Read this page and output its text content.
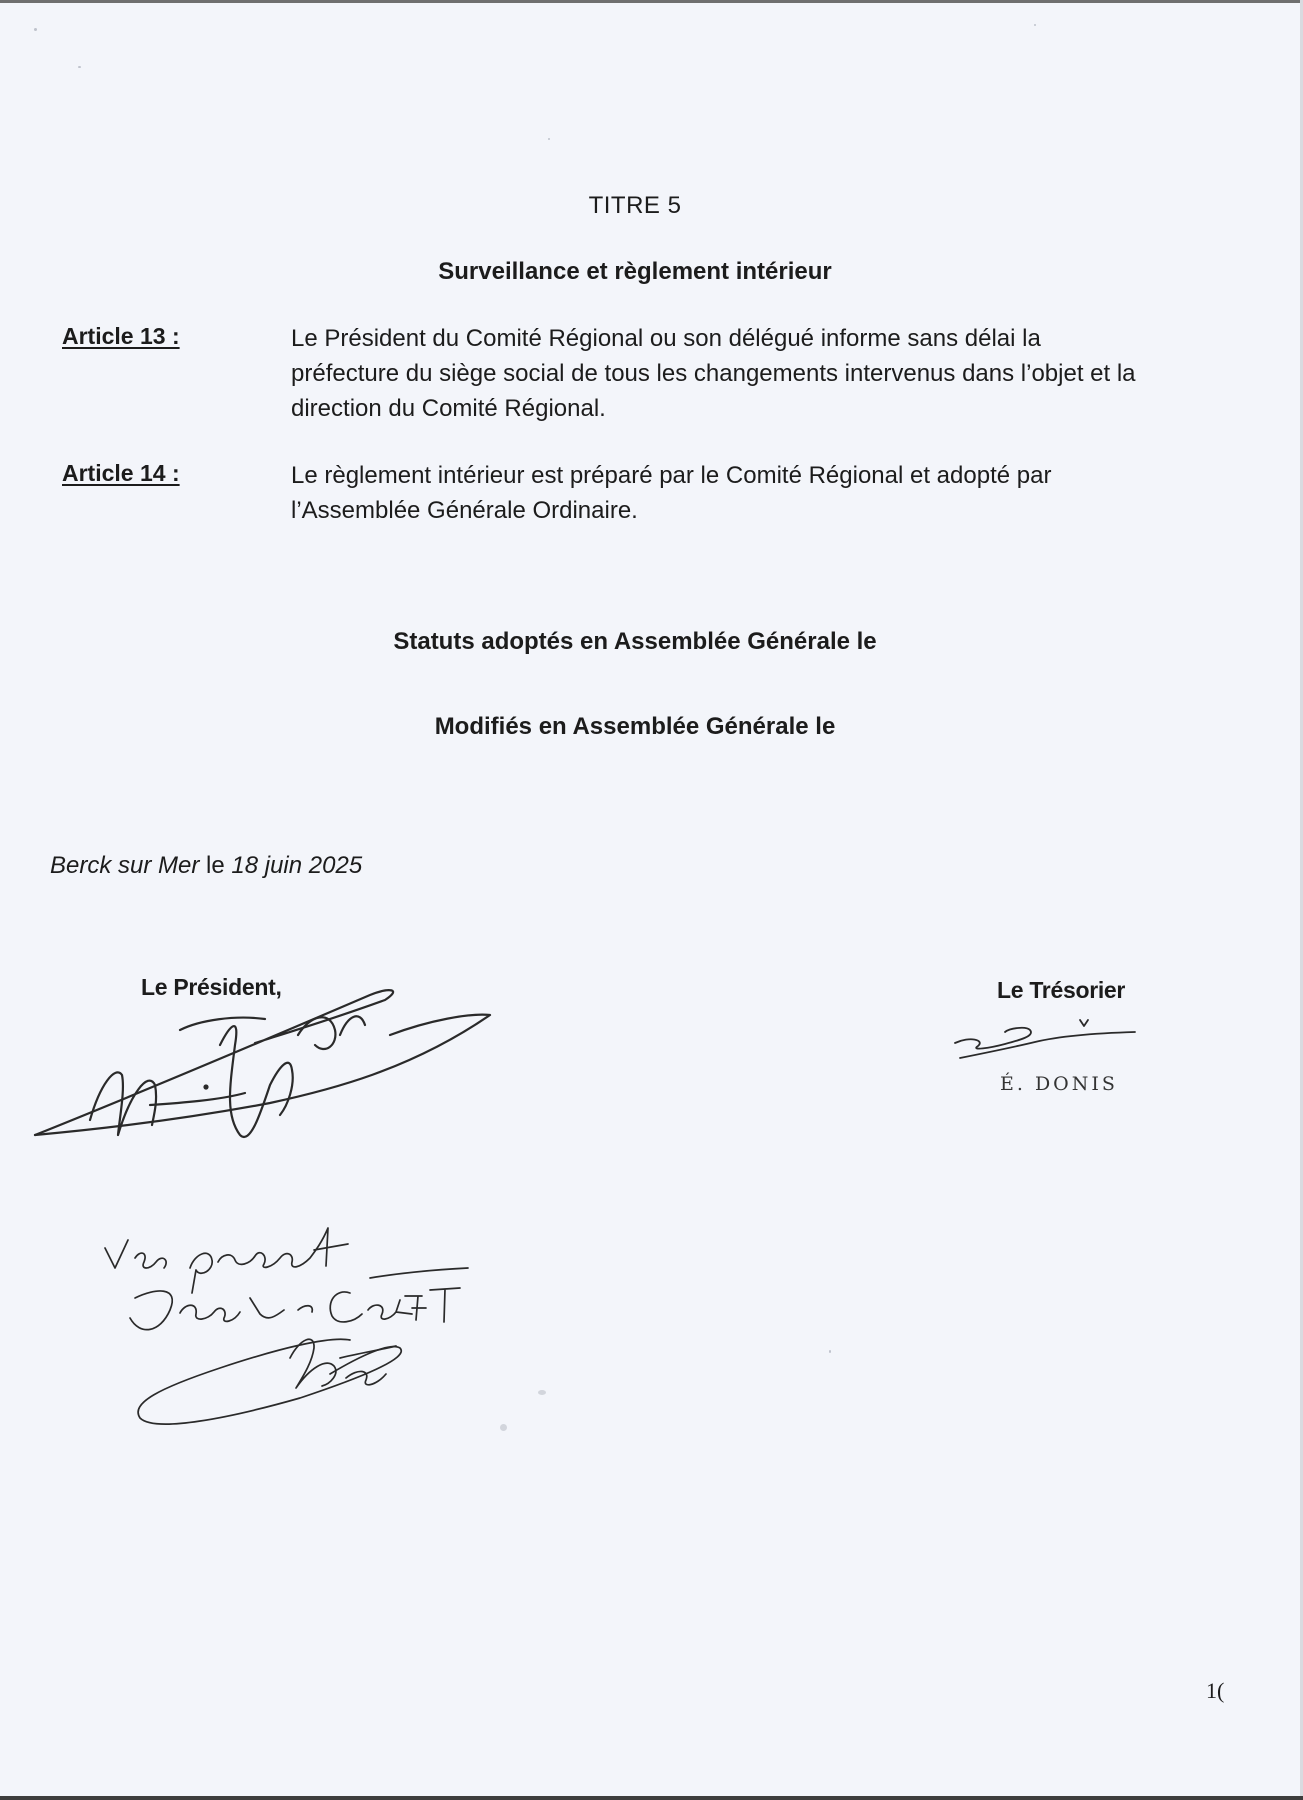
TITRE 5
Surveillance et règlement intérieur
Article 13 :	Le Président du Comité Régional ou son délégué informe sans délai la
préfecture du siège social de tous les changements intervenus dans l’objet et la
direction du Comité Régional.
Article 14 :	Le règlement intérieur est préparé par le Comité Régional et adopté par
l’Assemblée Générale Ordinaire.
Statuts adoptés en Assemblée Générale le
Modifiés en Assemblée Générale le
Berck sur Mer le 18 juin 2025
Le Président,	Le Trésorier
É. DONIS
1(
